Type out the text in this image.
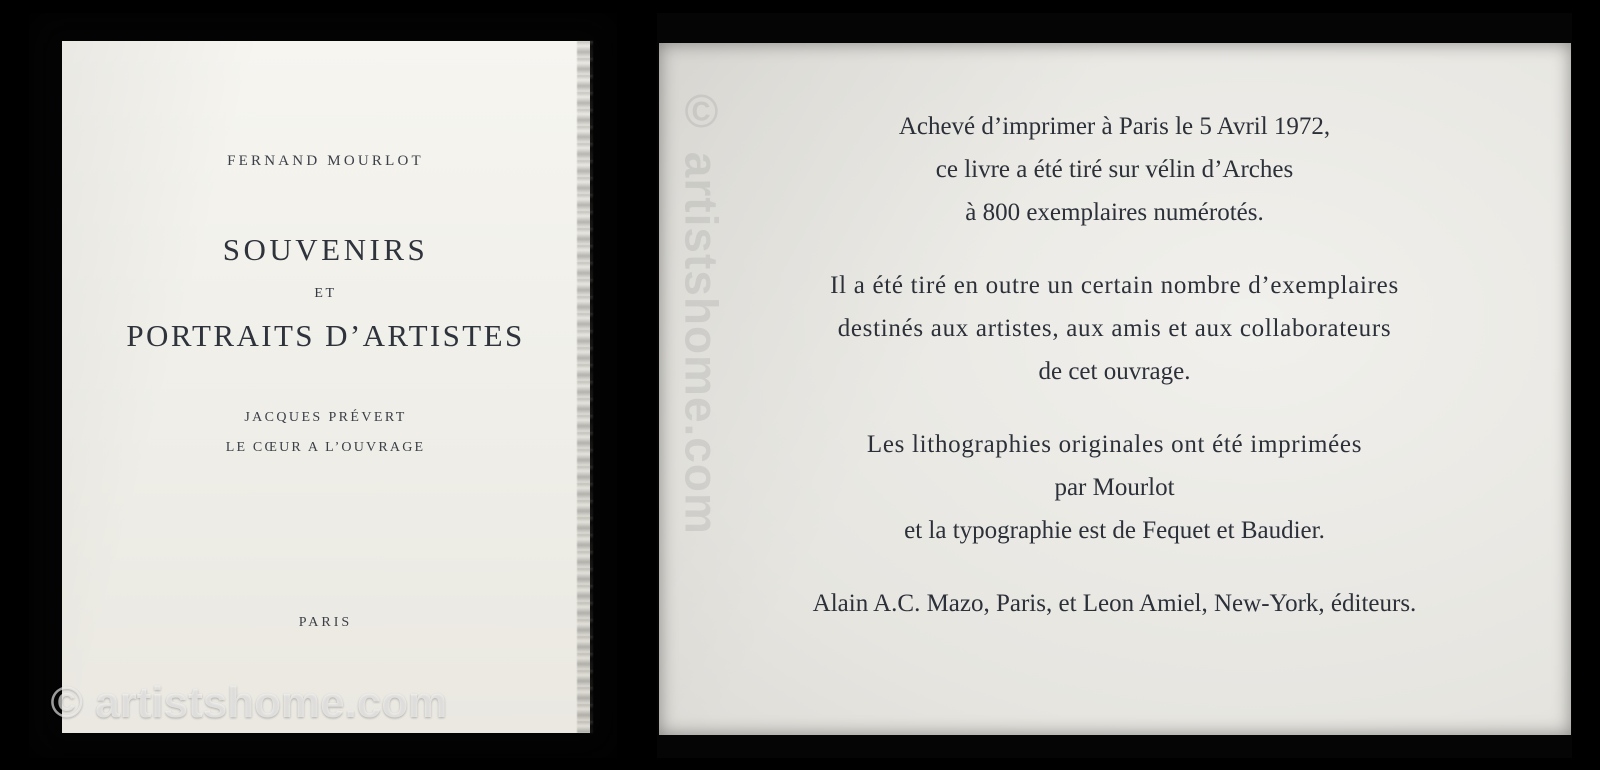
FERNAND MOURLOT
SOUVENIRS
ET
PORTRAITS D’ARTISTES
JACQUES PRÉVERT
LE CŒUR A L’OUVRAGE
PARIS
© artistshome.com
© artistshome.com	Achevé d’imprimer à Paris le 5 Avril 1972,
ce livre a été tiré sur vélin d’Arches
à 800 exemplaires numérotés.
Il a été tiré en outre un certain nombre d’exemplaires
destinés aux artistes, aux amis et aux collaborateurs
de cet ouvrage.
Les lithographies originales ont été imprimées
par Mourlot
et la typographie est de Fequet et Baudier.
Alain A.C. Mazo, Paris, et Leon Amiel, New-York, éditeurs.
